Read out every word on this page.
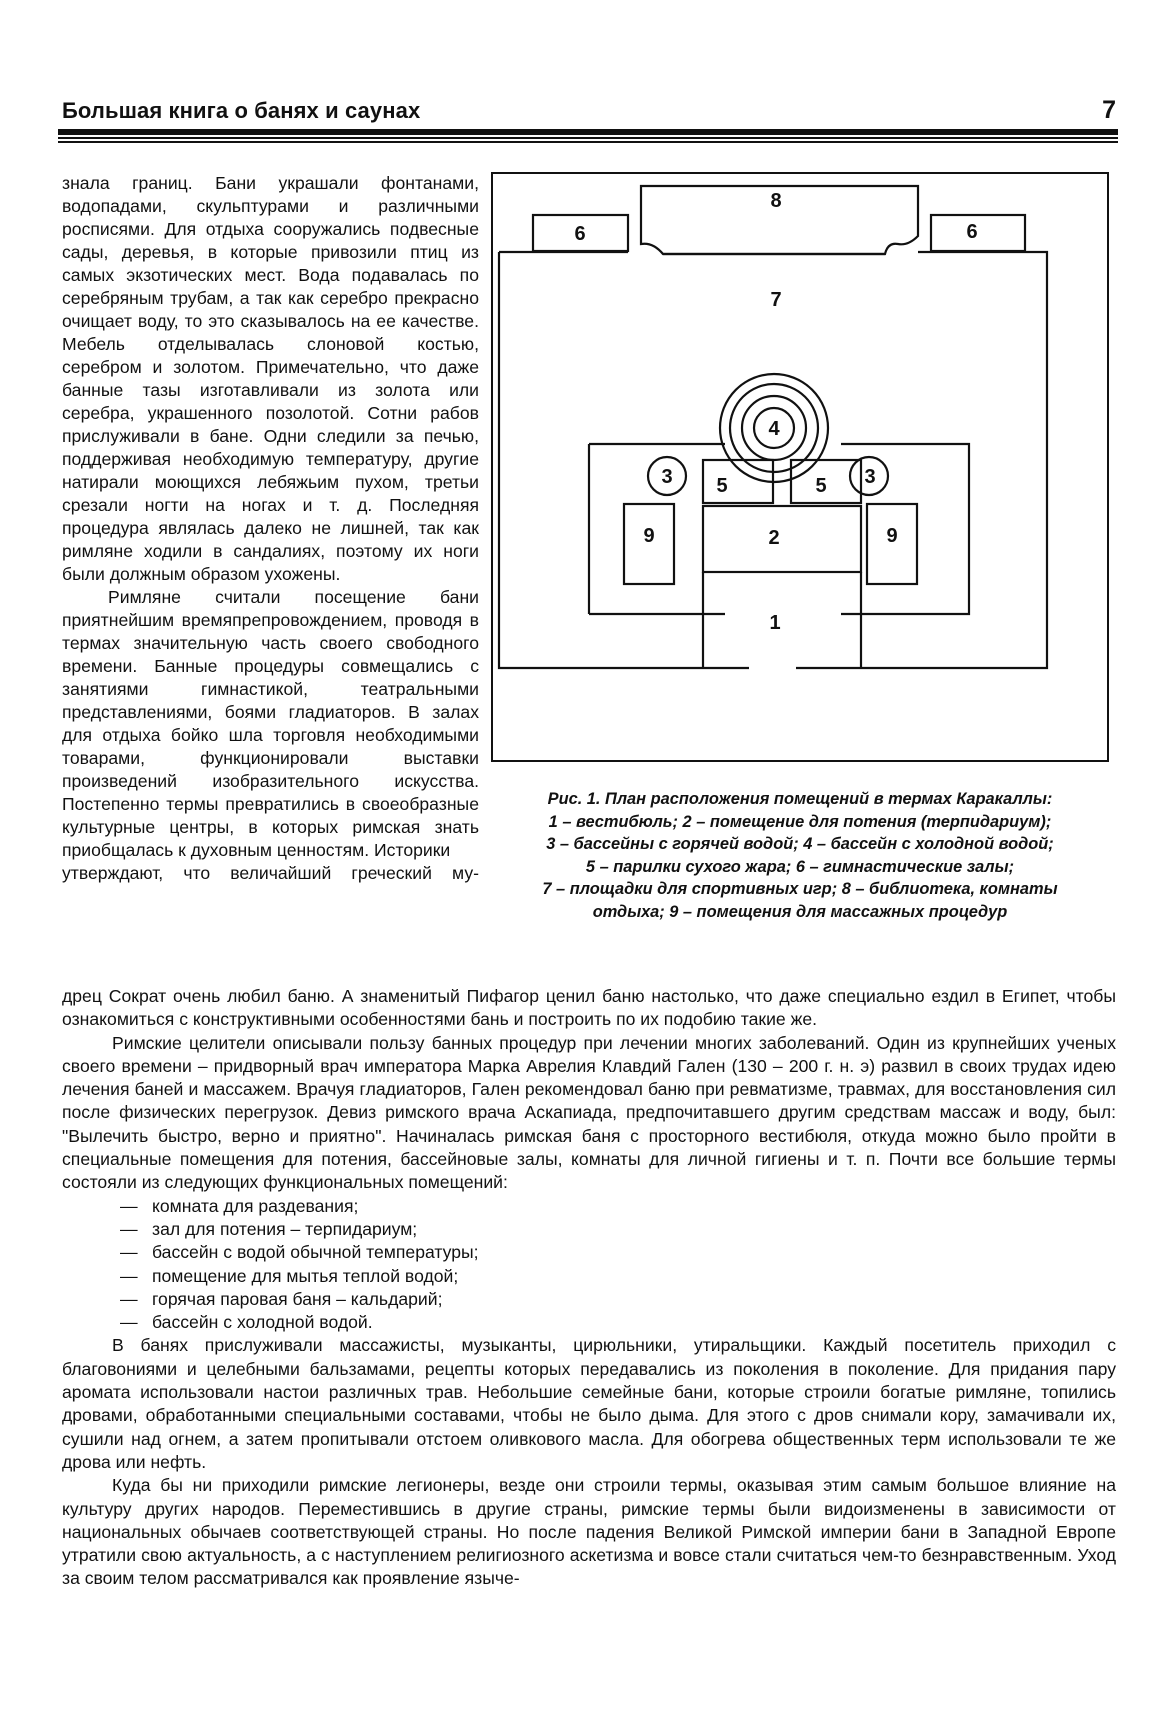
Большая книга о банях и саунах	7

знала границ. Бани украшали фонтанами, водопадами, скульптурами и различными росписями. Для отдыха сооружались подвесные сады, деревья, в которые привозили птиц из самых экзотических мест. Вода подавалась по серебряным трубам, а так как серебро прекрасно очищает воду, то это сказывалось на ее качестве. Мебель отделывалась слоновой костью, серебром и золотом. Примечательно, что даже банные тазы изготавливали из золота или серебра, украшенного позолотой. Сотни рабов прислуживали в бане. Одни следили за печью, поддерживая необходимую температуру, другие натирали моющихся лебяжьим пухом, третьи срезали ногти на ногах и т. д. Последняя процедура являлась далеко не лишней, так как римляне ходили в сандалиях, поэтому их ноги были должным образом ухожены.

Римляне считали посещение бани приятнейшим времяпрепровождением, проводя в термах значительную часть своего свободного времени. Банные процедуры совмещались с занятиями гимнастикой, театральными представлениями, боями гладиаторов. В залах для отдыха бойко шла торговля необходимыми товарами, функционировали выставки произведений изобразительного искусства. Постепенно термы превратились в своеобразные культурные центры, в которых римская знать приобщалась к духовным ценностям. Историки

утверждают, что величайший греческий му-

8
6	6
7
4
3	3
5	5
9	9
2
1
Рис. 1. План расположения помещений в термах Каракаллы:
1 – вестибюль; 2 – помещение для потения (терпидариум);
3 – бассейны с горячей водой; 4 – бассейн с холодной водой;
5 – парилки сухого жара; 6 – гимнастические залы;
7 – площадки для спортивных игр; 8 – библиотека, комнаты
отдыха; 9 – помещения для массажных процедур

дрец Сократ очень любил баню. А знаменитый Пифагор ценил баню настолько, что даже специально ездил в Египет, чтобы ознакомиться с конструктивными особенностями бань и построить по их подобию такие же.

Римские целители описывали пользу банных процедур при лечении многих заболеваний. Один из крупнейших ученых своего времени – придворный врач императора Марка Аврелия Клавдий Гален (130 – 200 г. н. э) развил в своих трудах идею лечения баней и массажем. Врачуя гладиаторов, Гален рекомендовал баню при ревматизме, травмах, для восстановления сил после физических перегрузок. Девиз римского врача Аскапиада, предпочитавшего другим средствам массаж и воду, был: "Вылечить быстро, верно и приятно". Начиналась римская баня с просторного вестибюля, откуда можно было пройти в специальные помещения для потения, бассейновые залы, комнаты для личной гигиены и т. п. Почти все большие термы состояли из следующих функциональных помещений:

— комната для раздевания;
— зал для потения – терпидариум;
— бассейн с водой обычной температуры;
— помещение для мытья теплой водой;
— горячая паровая баня – кальдарий;
— бассейн с холодной водой.

В банях прислуживали массажисты, музыканты, цирюльники, утиральщики. Каждый посетитель приходил с благовониями и целебными бальзамами, рецепты которых передавались из поколения в поколение. Для придания пару аромата использовали настои различных трав. Небольшие семейные бани, которые строили богатые римляне, топились дровами, обработанными специальными составами, чтобы не было дыма. Для этого с дров снимали кору, замачивали их, сушили над огнем, а затем пропитывали отстоем оливкового масла. Для обогрева общественных терм использовали те же дрова или нефть.

Куда бы ни приходили римские легионеры, везде они строили термы, оказывая этим самым большое влияние на культуру других народов. Переместившись в другие страны, римские термы были видоизменены в зависимости от национальных обычаев соответствующей страны. Но после падения Великой Римской империи бани в Западной Европе утратили свою актуальность, а с наступлением религиозного аскетизма и вовсе стали считаться чем-то безнравственным. Уход за своим телом рассматривался как проявление языче-
